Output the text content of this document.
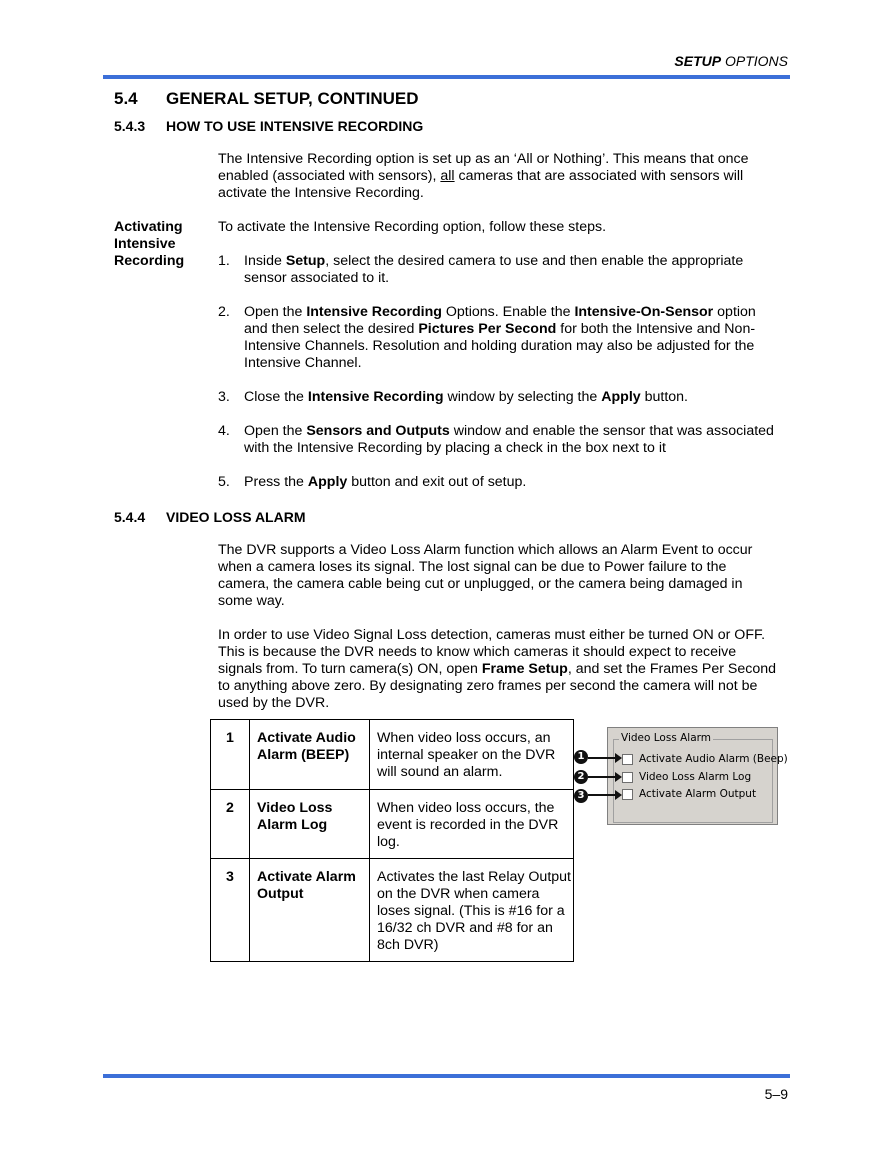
SETUP OPTIONS
5.4 GENERAL SETUP, CONTINUED
5.4.3 HOW TO USE INTENSIVE RECORDING
The Intensive Recording option is set up as an ‘All or Nothing’. This means that once enabled (associated with sensors), all cameras that are associated with sensors will activate the Intensive Recording.
Activating
Intensive
Recording
To activate the Intensive Recording option, follow these steps.
1. Inside Setup, select the desired camera to use and then enable the appropriate sensor associated to it.
2. Open the Intensive Recording Options. Enable the Intensive-On-Sensor option and then select the desired Pictures Per Second for both the Intensive and Non-Intensive Channels. Resolution and holding duration may also be adjusted for the Intensive Channel.
3. Close the Intensive Recording window by selecting the Apply button.
4. Open the Sensors and Outputs window and enable the sensor that was associated with the Intensive Recording by placing a check in the box next to it
5. Press the Apply button and exit out of setup.
5.4.4 VIDEO LOSS ALARM
The DVR supports a Video Loss Alarm function which allows an Alarm Event to occur when a camera loses its signal. The lost signal can be due to Power failure to the camera, the camera cable being cut or unplugged, or the camera being damaged in some way.
In order to use Video Signal Loss detection, cameras must either be turned ON or OFF. This is because the DVR needs to know which cameras it should expect to receive signals from. To turn camera(s) ON, open Frame Setup, and set the Frames Per Second to anything above zero. By designating zero frames per second the camera will not be used by the DVR.
1	Activate Audio Alarm (BEEP)	When video loss occurs, an internal speaker on the DVR will sound an alarm.
2	Video Loss Alarm Log	When video loss occurs, the event is recorded in the DVR log.
3	Activate Alarm Output	Activates the last Relay Output on the DVR when camera loses signal. (This is #16 for a 16/32 ch DVR and #8 for an 8ch DVR)
Video Loss Alarm
Activate Audio Alarm (Beep)
Video Loss Alarm Log
Activate Alarm Output
1
2
3
5–9
